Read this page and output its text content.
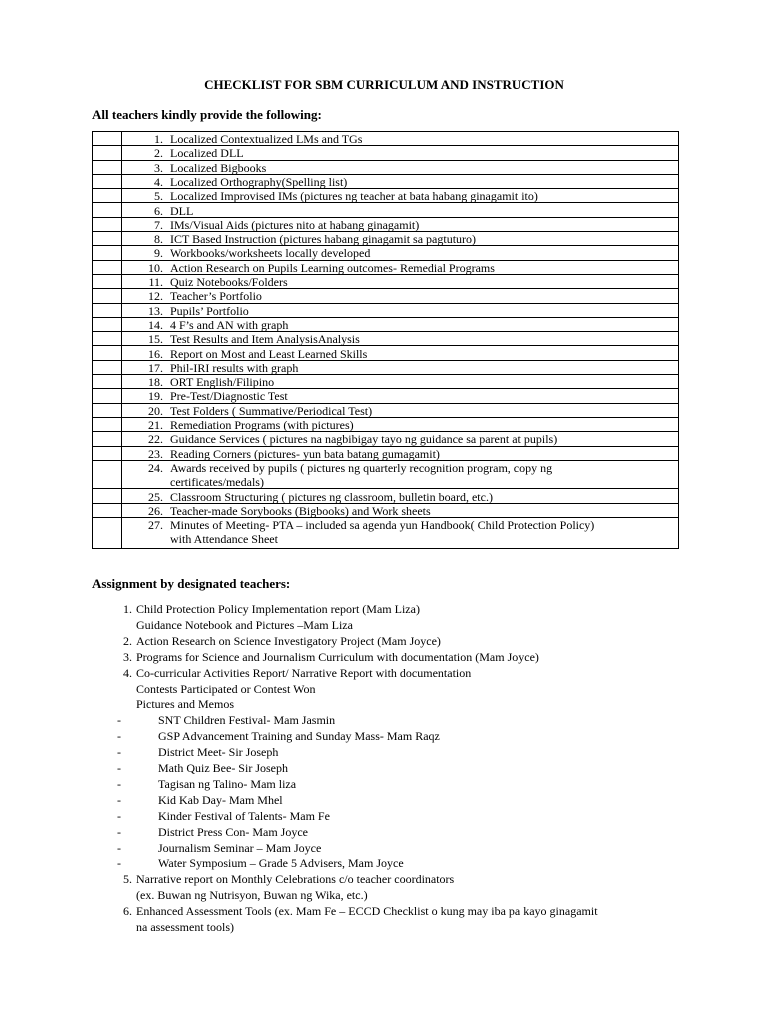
CHECKLIST FOR SBM CURRICULUM AND INSTRUCTION
All teachers kindly provide the following:
1. Localized Contextualized LMs and TGs
2. Localized DLL
3. Localized Bigbooks
4. Localized Orthography(Spelling list)
5. Localized Improvised IMs (pictures ng teacher at bata habang ginagamit ito)
6. DLL
7. IMs/Visual Aids (pictures nito at habang ginagamit)
8. ICT Based Instruction (pictures habang ginagamit sa pagtuturo)
9. Workbooks/worksheets locally developed
10. Action Research on Pupils Learning outcomes- Remedial Programs
11. Quiz Notebooks/Folders
12. Teacher’s Portfolio
13. Pupils’ Portfolio
14. 4 F’s and AN with graph
15. Test Results and Item AnalysisAnalysis
16. Report on Most and Least Learned Skills
17. Phil-IRI results with graph
18. ORT English/Filipino
19. Pre-Test/Diagnostic Test
20. Test Folders ( Summative/Periodical Test)
21. Remediation Programs (with pictures)
22. Guidance Services ( pictures na nagbibigay tayo ng guidance sa parent at pupils)
23. Reading Corners (pictures- yun bata batang gumagamit)
24. Awards received by pupils ( pictures ng quarterly recognition program, copy ng
certificates/medals)
25. Classroom Structuring ( pictures ng classroom, bulletin board, etc.)
26. Teacher-made Sorybooks (Bigbooks) and Work sheets
27. Minutes of Meeting- PTA – included sa agenda yun Handbook( Child Protection Policy)
with Attendance Sheet
Assignment by designated teachers:
1. Child Protection Policy Implementation report (Mam Liza)
Guidance Notebook and Pictures –Mam Liza
2. Action Research on Science Investigatory Project (Mam Joyce)
3. Programs for Science and Journalism Curriculum with documentation (Mam Joyce)
4. Co-curricular Activities Report/ Narrative Report with documentation
Contests Participated or Contest Won
Pictures and Memos
-	SNT Children Festival- Mam Jasmin
-	GSP Advancement Training and Sunday Mass- Mam Raqz
-	District Meet- Sir Joseph
-	Math Quiz Bee- Sir Joseph
-	Tagisan ng Talino- Mam liza
-	Kid Kab Day- Mam Mhel
-	Kinder Festival of Talents- Mam Fe
-	District Press Con- Mam Joyce
-	Journalism Seminar – Mam Joyce
-	Water Symposium – Grade 5 Advisers, Mam Joyce
5. Narrative report on Monthly Celebrations c/o teacher coordinators
(ex. Buwan ng Nutrisyon, Buwan ng Wika, etc.)
6. Enhanced Assessment Tools (ex. Mam Fe – ECCD Checklist o kung may iba pa kayo ginagamit
na assessment tools)
